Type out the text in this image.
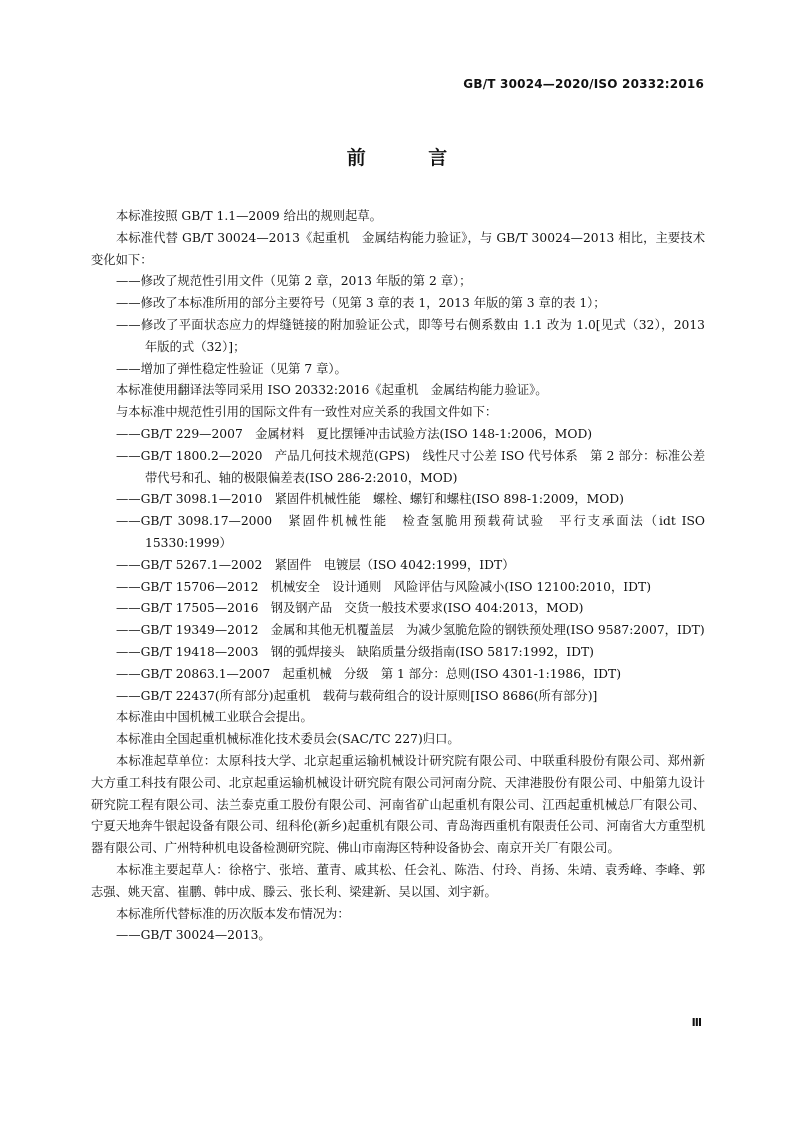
GB/T 30024—2020/ISO 20332:2016
前 言
本标准按照 GB/T 1.1—2009 给出的规则起草。
本标准代替 GB/T 30024—2013《起重机　金属结构能力验证》，与 GB/T 30024—2013 相比，主要技术变化如下：
——修改了规范性引用文件（见第 2 章，2013 年版的第 2 章）；
——修改了本标准所用的部分主要符号（见第 3 章的表 1，2013 年版的第 3 章的表 1）；
——修改了平面状态应力的焊缝链接的附加验证公式，即等号右侧系数由 1.1 改为 1.0[见式（32），2013 年版的式（32）]；
——增加了弹性稳定性验证（见第 7 章）。
本标准使用翻译法等同采用 ISO 20332:2016《起重机　金属结构能力验证》。
与本标准中规范性引用的国际文件有一致性对应关系的我国文件如下：
——GB/T 229—2007　金属材料　夏比摆锤冲击试验方法(ISO 148-1:2006，MOD)
——GB/T 1800.2—2020　产品几何技术规范(GPS)　线性尺寸公差 ISO 代号体系　第 2 部分：标准公差带代号和孔、轴的极限偏差表(ISO 286-2:2010，MOD)
——GB/T 3098.1—2010　紧固件机械性能　螺栓、螺钉和螺柱(ISO 898-1:2009，MOD)
——GB/T 3098.17—2000　紧固件机械性能　检查氢脆用预载荷试验　平行支承面法（idt ISO 15330:1999）
——GB/T 5267.1—2002　紧固件　电镀层（ISO 4042:1999，IDT）
——GB/T 15706—2012　机械安全　设计通则　风险评估与风险减小(ISO 12100:2010，IDT)
——GB/T 17505—2016　钢及钢产品　交货一般技术要求(ISO 404:2013，MOD)
——GB/T 19349—2012　金属和其他无机覆盖层　为减少氢脆危险的钢铁预处理(ISO 9587:2007，IDT)
——GB/T 19418—2003　钢的弧焊接头　缺陷质量分级指南(ISO 5817:1992，IDT)
——GB/T 20863.1—2007　起重机械　分级　第 1 部分：总则(ISO 4301-1:1986，IDT)
——GB/T 22437(所有部分)起重机　载荷与载荷组合的设计原则[ISO 8686(所有部分)]
本标准由中国机械工业联合会提出。
本标准由全国起重机械标准化技术委员会(SAC/TC 227)归口。
本标准起草单位：太原科技大学、北京起重运输机械设计研究院有限公司、中联重科股份有限公司、郑州新大方重工科技有限公司、北京起重运输机械设计研究院有限公司河南分院、天津港股份有限公司、中船第九设计研究院工程有限公司、法兰泰克重工股份有限公司、河南省矿山起重机有限公司、江西起重机械总厂有限公司、宁夏天地奔牛银起设备有限公司、纽科伦(新乡)起重机有限公司、青岛海西重机有限责任公司、河南省大方重型机器有限公司、广州特种机电设备检测研究院、佛山市南海区特种设备协会、南京开关厂有限公司。
本标准主要起草人：徐格宁、张培、董青、戚其松、任会礼、陈浩、付玲、肖扬、朱靖、袁秀峰、李峰、郭志强、姚天富、崔鹏、韩中成、滕云、张长利、梁建新、吴以国、刘宇新。
本标准所代替标准的历次版本发布情况为：
——GB/T 30024—2013。
Ⅲ
